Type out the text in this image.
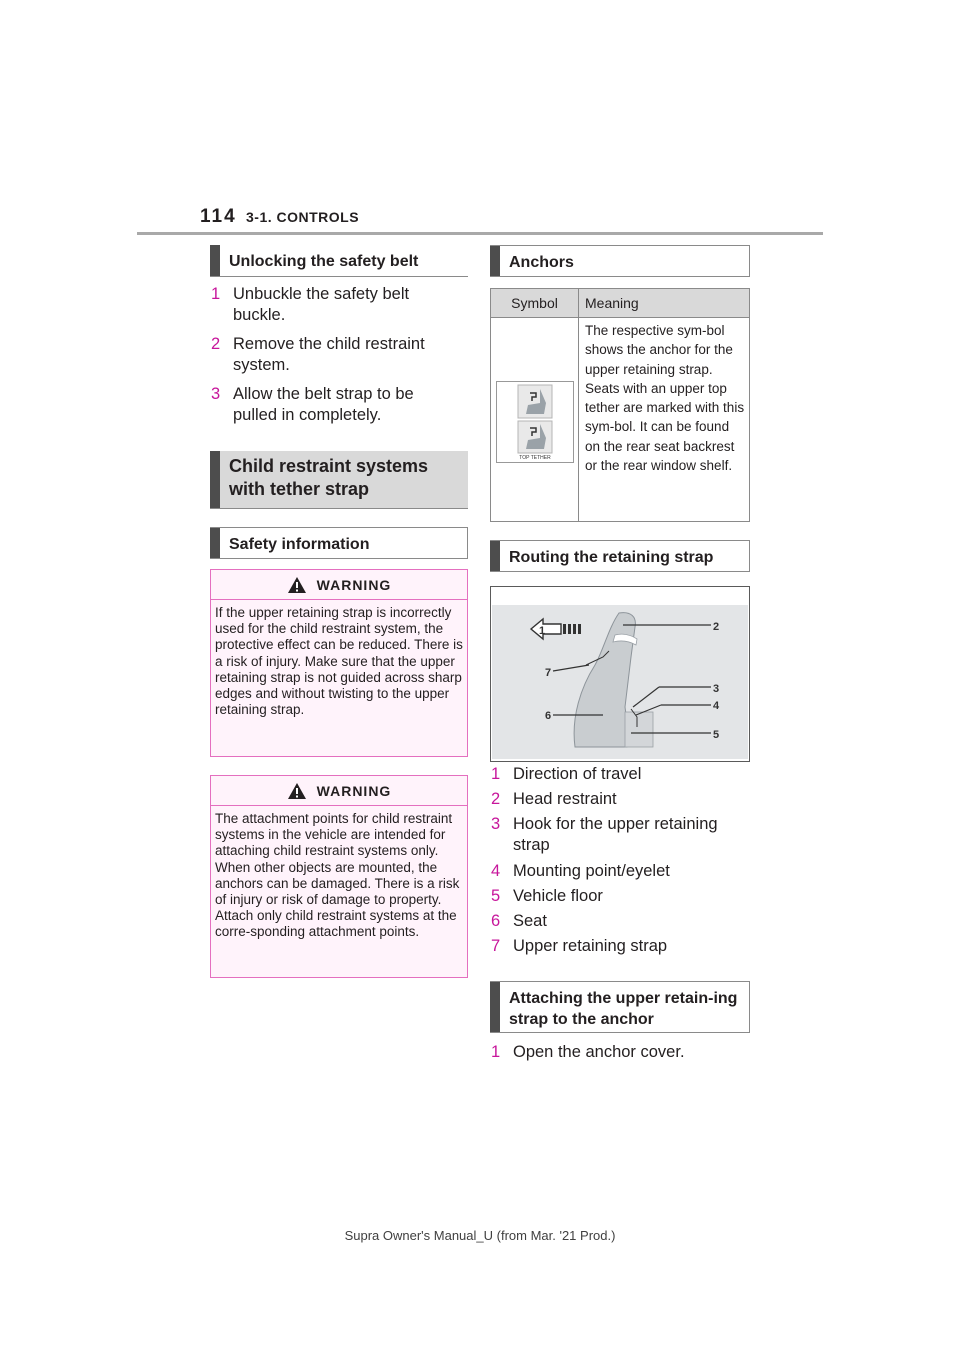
114 3-1. CONTROLS
Unlocking the safety belt
1 Unbuckle the safety belt buckle.
2 Remove the child restraint system.
3 Allow the belt strap to be pulled in completely.
Child restraint systems with tether strap
Safety information
WARNING
If the upper retaining strap is incorrectly used for the child restraint system, the protective effect can be reduced. There is a risk of injury. Make sure that the upper retaining strap is not guided across sharp edges and without twisting to the upper retaining strap.
WARNING
The attachment points for child restraint systems in the vehicle are intended for attaching child restraint systems only. When other objects are mounted, the anchors can be damaged. There is a risk of injury or risk of damage to property. Attach only child restraint systems at the corre-sponding attachment points.
Anchors
Symbol	Meaning
TOP TETHER
The respective sym-bol shows the anchor for the upper retaining strap. Seats with an upper top tether are marked with this sym-bol. It can be found on the rear seat backrest or the rear window shelf.
Routing the retaining strap
1	2
3
4
5
6
7
1 Direction of travel
2 Head restraint
3 Hook for the upper retaining strap
4 Mounting point/eyelet
5 Vehicle floor
6 Seat
7 Upper retaining strap
Attaching the upper retain-ing strap to the anchor
1 Open the anchor cover.
Supra Owner's Manual_U (from Mar. '21 Prod.)
